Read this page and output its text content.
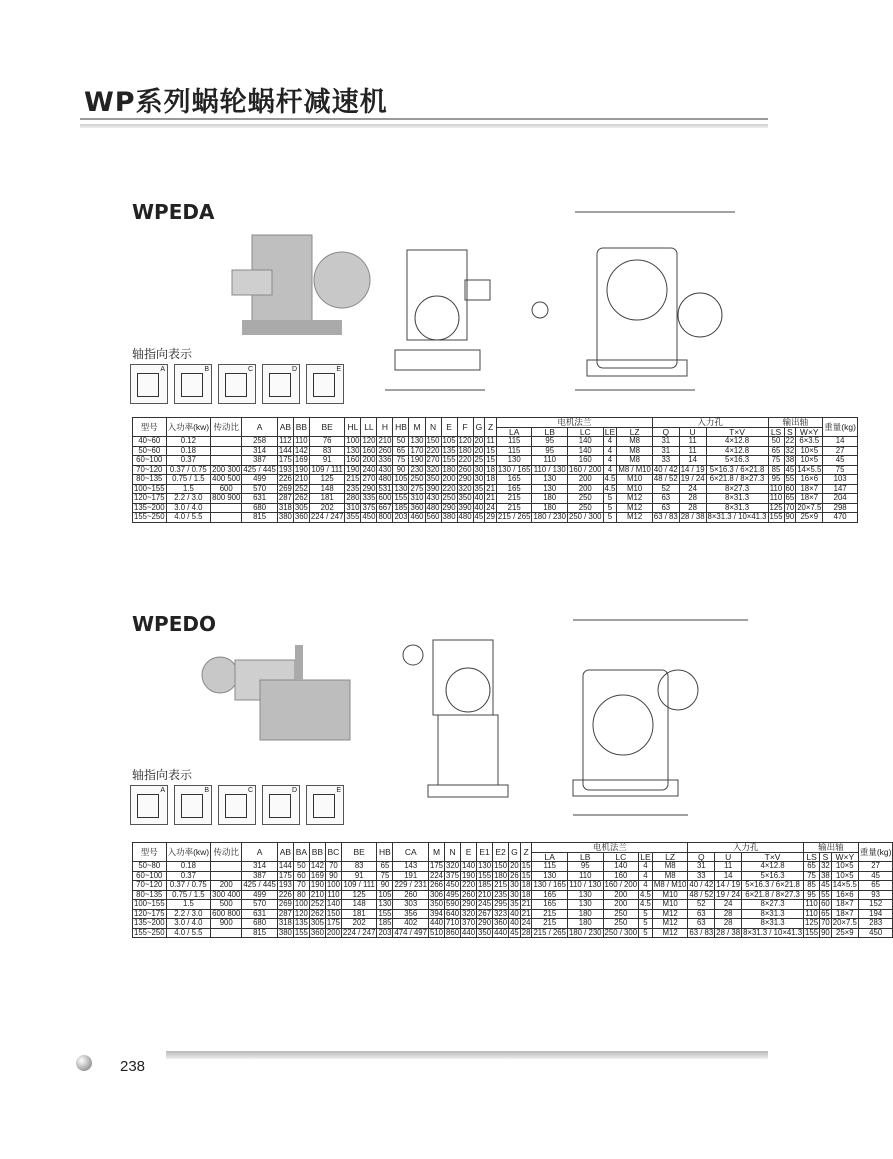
WP系列蜗轮蜗杆减速机
WPEDA
轴指向表示
A	B	C	D	E
型号	入功率(kw)	传动比	A	AB	BB	BE	HL	LL	H	HB	M	N	E	F	G	Z	电机法兰					入力孔			输出轴			重量(kg)
																	LA	LB	LC	LE	LZ	Q	U	T×V	LS	S	W×Y	
40~60	0.12		258	112	110	76	100	120	210	50	130	150	105	120	20	11	115	95	140	4	M8	31	11	4×12.8	50	22	6×3.5	14
50~60	0.18		314	144	142	83	130	160	260	65	170	220	135	180	20	15	115	95	140	4	M8	31	11	4×12.8	65	32	10×5	27
60~100	0.37		387	175	169	91	160	200	336	75	190	270	155	220	25	15	130	110	160	4	M8	33	14	5×16.3	75	38	10×5	45
70~120	0.37 / 0.75	200 300	425 / 445	193	190	109 / 111	190	240	430	90	230	320	180	260	30	18	130 / 165	110 / 130	160 / 200	4	M8 / M10	40 / 42	14 / 19	5×16.3 / 6×21.8	85	45	14×5.5	75
80~135	0.75 / 1.5	400 500	499	226	210	125	215	270	480	105	250	350	200	290	30	18	165	130	200	4.5	M10	48 / 52	19 / 24	6×21.8 / 8×27.3	95	55	16×6	103
100~155	1.5	600	570	269	252	148	235	290	531	130	275	390	220	320	35	21	165	130	200	4.5	M10	52	24	8×27.3	110	60	18×7	147
120~175	2.2 / 3.0	800 900	631	287	262	181	280	335	600	155	310	430	250	350	40	21	215	180	250	5	M12	63	28	8×31.3	110	65	18×7	204
135~200	3.0 / 4.0		680	318	305	202	310	375	667	185	360	480	290	390	40	24	215	180	250	5	M12	63	28	8×31.3	125	70	20×7.5	298
155~250	4.0 / 5.5		815	380	360	224 / 247	355	450	800	203	460	560	380	480	45	29	215 / 265	180 / 230	250 / 300	5	M12	63 / 83	28 / 38	8×31.3 / 10×41.3	155	90	25×9	470
WPEDO
轴指向表示
A	B	C	D	E
型号	入功率(kw)	传动比	A	AB	BA	BB	BC	BE	HB	CA	M	N	E	E1	E2	G	Z	电机法兰					入力孔			输出轴			重量(kg)
																		LA	LB	LC	LE	LZ	Q	U	T×V	LS	S	W×Y	
50~80	0.18		314	144	50	142	70	83	65	143	175	320	140	130	150	20	15	115	95	140	4	M8	31	11	4×12.8	65	32	10×5	27
60~100	0.37		387	175	60	169	90	91	75	191	224	375	190	155	180	26	15	130	110	160	4	M8	33	14	5×16.3	75	38	10×5	45
70~120	0.37 / 0.75	200	425 / 445	193	70	190	100	109 / 111	90	229 / 231	266	450	220	185	215	30	18	130 / 165	110 / 130	160 / 200	4	M8 / M10	40 / 42	14 / 19	5×16.3 / 6×21.8	85	45	14×5.5	65
80~135	0.75 / 1.5	300 400	499	226	80	210	110	125	105	260	306	495	260	210	235	30	18	165	130	200	4.5	M10	48 / 52	19 / 24	6×21.8 / 8×27.3	95	55	16×6	93
100~155	1.5	500	570	269	100	252	140	148	130	303	350	590	290	245	295	35	21	165	130	200	4.5	M10	52	24	8×27.3	110	60	18×7	152
120~175	2.2 / 3.0	600 800	631	287	120	262	150	181	155	356	394	640	320	267	323	40	21	215	180	250	5	M12	63	28	8×31.3	110	65	18×7	194
135~200	3.0 / 4.0	900	680	318	135	305	175	202	185	402	440	710	370	290	360	40	24	215	180	250	5	M12	63	28	8×31.3	125	70	20×7.5	283
155~250	4.0 / 5.5		815	380	155	360	200	224 / 247	203	474 / 497	510	860	440	350	440	45	28	215 / 265	180 / 230	250 / 300	5	M12	63 / 83	28 / 38	8×31.3 / 10×41.3	155	90	25×9	450
238
